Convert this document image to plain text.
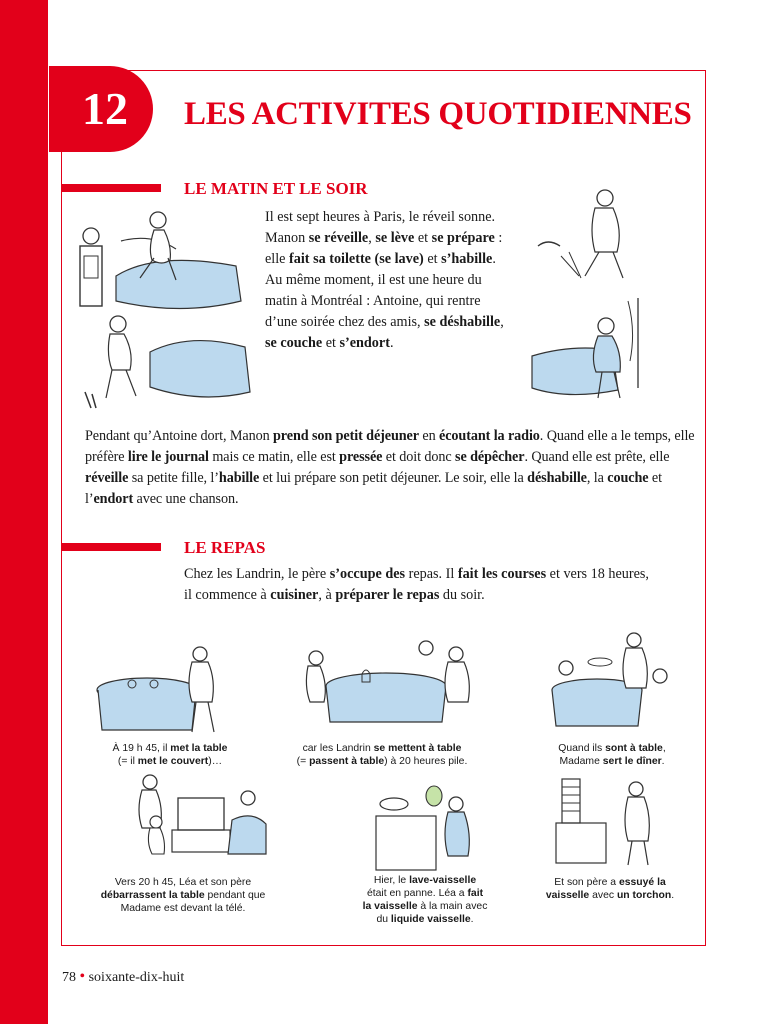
12	LES ACTIVITES QUOTIDIENNES
LE MATIN ET LE SOIR
Il est sept heures à Paris, le réveil sonne. Manon se réveille, se lève et se prépare : elle fait sa toilette (se lave) et s’habille. Au même moment, il est une heure du matin à Montréal : Antoine, qui rentre d’une soirée chez des amis, se déshabille, se couche et s’endort.
Pendant qu’Antoine dort, Manon prend son petit déjeuner en écoutant la radio. Quand elle a le temps, elle préfère lire le journal mais ce matin, elle est pressée et doit donc se dépêcher. Quand elle est prête, elle réveille sa petite fille, l’habille et lui prépare son petit déjeuner. Le soir, elle la déshabille, la couche et l’endort avec une chanson.
LE REPAS
Chez les Landrin, le père s’occupe des repas. Il fait les courses et vers 18 heures, il commence à cuisiner, à préparer le repas du soir.
À 19 h 45, il met la table
(= il met le couvert)…
car les Landrin se mettent à table
(= passent à table) à 20 heures pile.
Quand ils sont à table,
Madame sert le dîner.
Vers 20 h 45, Léa et son père
débarrassent la table pendant que
Madame est devant la télé.
Hier, le lave-vaisselle
était en panne. Léa a fait
la vaisselle à la main avec
du liquide vaisselle.
Et son père a essuyé la
vaisselle avec un torchon.
78 • soixante-dix-huit
